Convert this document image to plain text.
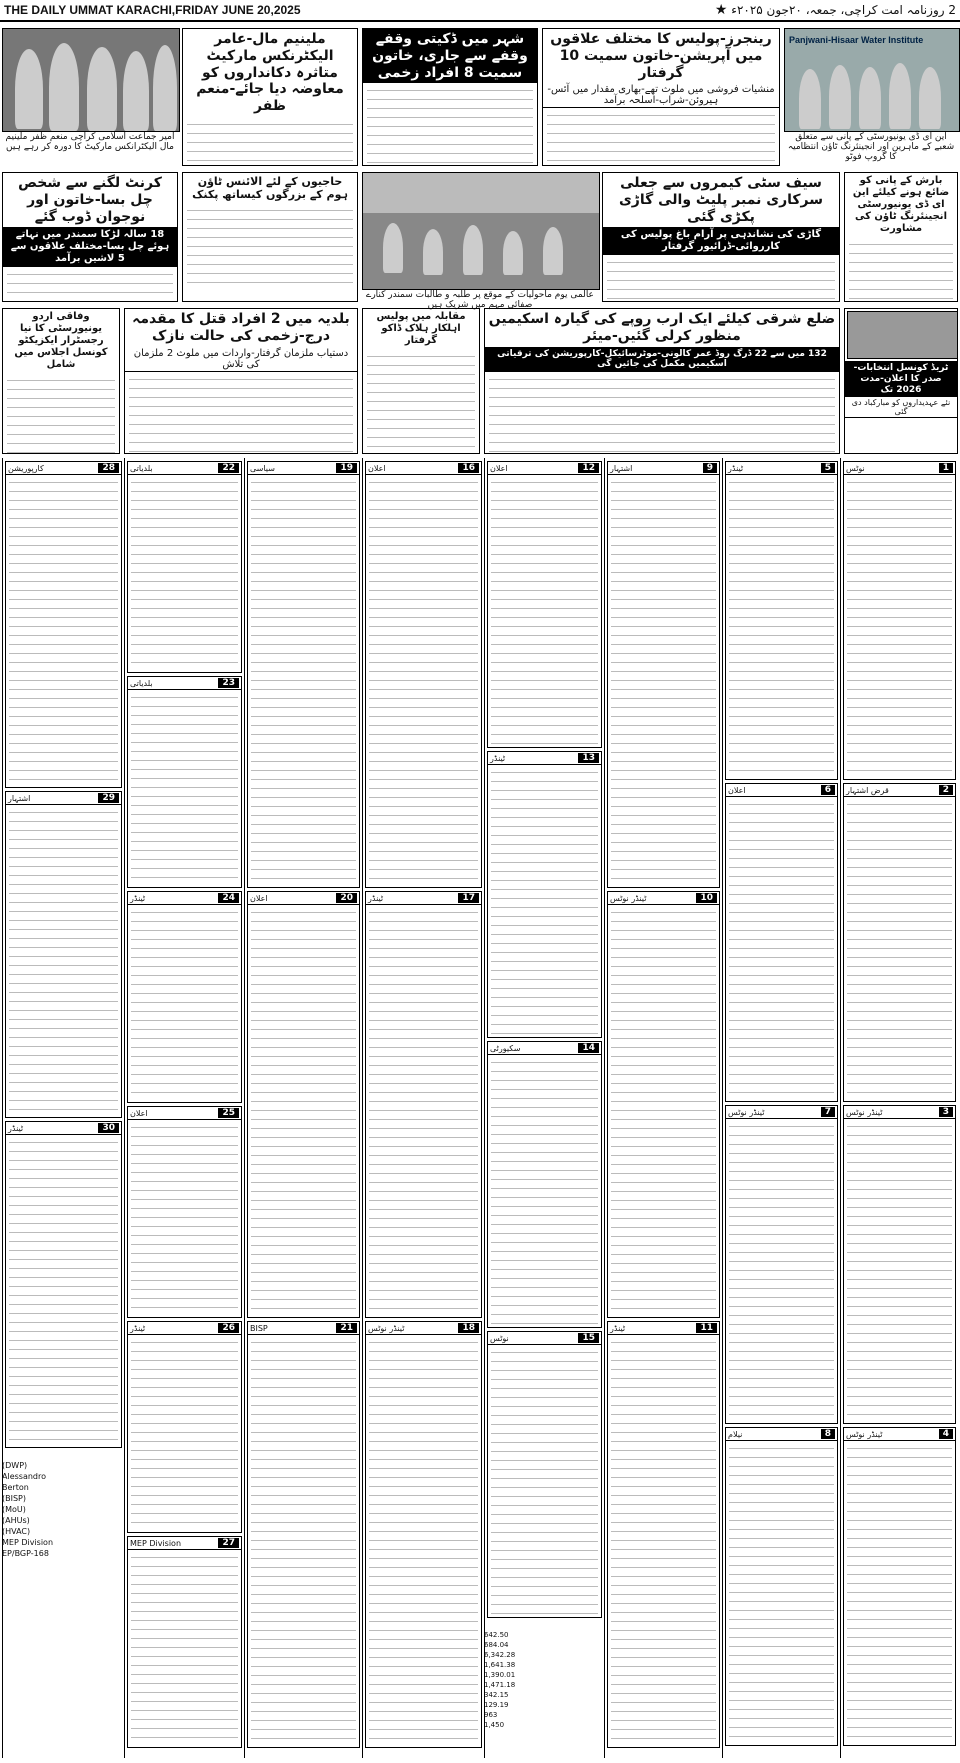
THE DAILY UMMAT KARACHI,FRIDAY JUNE 20,2025	2 روزنامہ امت کراچی، جمعہ، ۲۰جون ۲۰۲۵ء ★
امیر جماعت اسلامی کراچی منعم ظفر ملینیم مال الیکٹرانکس مارکیٹ کا دورہ کر رہے ہیں
ملینیم مال-عامر الیکٹرنکس مارکیٹ متاثرہ دکانداروں کو معاوضہ دیا جائے-منعم ظفر
شہر میں ڈکیتی وقفے وقفے سے جاری، خاتون سمیت 8 افراد زخمی
رینجرز-پولیس کا مختلف علاقوں میں آپریشن-خاتون سمیت 10 گرفتار
منشیات فروشی میں ملوث تھے-بھاری مقدار میں آئس-ہیروئن-شراب-اسلحہ برآمد
Panjwani-Hisaar Water Institute
این ای ڈی یونیورسٹی کے پانی سے متعلق شعبے کے ماہرین اور انجینئرنگ ٹاؤن انتظامیہ کا گروپ فوٹو
کرنٹ لگنے سے شخص چل بسا-خاتون اور نوجوان ڈوب گئے
18 سالہ لڑکا سمندر میں نہاتے ہوئے چل بسا-مختلف علاقوں سے 5 لاشیں برآمد
حاجیوں کے لئے الائنس ٹاؤن ہوم کے بزرگوں کیساتھ پکنک
عالمی یوم ماحولیات کے موقع پر طلبہ و طالبات سمندر کنارے صفائی مہم میں شریک ہیں
سیف سٹی کیمروں سے جعلی سرکاری نمبر پلیٹ والی گاڑی پکڑی گئی
گاڑی کی نشاندہی پر آرام باغ پولیس کی کارروائی-ڈرائیور گرفتار
بارش کے پانی کو ضائع ہونے کیلئے این ای ڈی یونیورسٹی انجینئرنگ ٹاؤن کی مشاورت
وفاقی اردو یونیورسٹی کا نیا رجسٹرار ایکزیکٹو کونسل اجلاس میں شامل
بلدیہ میں 2 افراد قتل کا مقدمہ درج-زخمی کی حالت نازک
دستیاب ملزمان گرفتار-واردات میں ملوث 2 ملزمان کی تلاش
مقابلہ میں پولیس اہلکار ہلاک ڈاکو گرفتار
ضلع شرقی کیلئے ایک ارب روپے کی گیارہ اسکیمیں منظور کرلی گئیں-میئر
132 میں سے 22 ڈرگ روڈ عمر کالونی-موٹرسائیکل-کارپوریشن کی ترقیاتی اسکیمیں مکمل کی جائیں گی	ٹریڈ کونسل انتخابات-صدر کا اعلان-مدت 2026 تک
نئے عہدیداروں کو مبارکباد دی گئی
1
نوٹس
2
قرض اشتہار
3
ٹینڈر نوٹس
4
ٹینڈر نوٹس
5
ٹینڈر
6
اعلان
7
ٹینڈر نوٹس
8
نیلام
9
اشتہار
10
ٹینڈر نوٹس
11
ٹینڈر
12
اعلان
13
ٹینڈر
14
سکیورٹی
15
نوٹس
16
اعلان
17
ٹینڈر
18
ٹینڈر نوٹس
19
سیاسی
20
اعلان
21
BISP
22
بلدیاتی
23
بلدیاتی
24
ٹینڈر
25
اعلان
26
ٹینڈر
27
MEP Division
28
کارپوریشن
29
اشتہار
30
ٹینڈر
642.50
684.04
6,342.28
1,641.38
1,390.01
1,471.18
342.15
129.19
963
1,450
(DWP)
Alessandro
Berton
(BISP)
(MoU)
(AHUs)
(HVAC)
MEP Division
EP/BGP-168
